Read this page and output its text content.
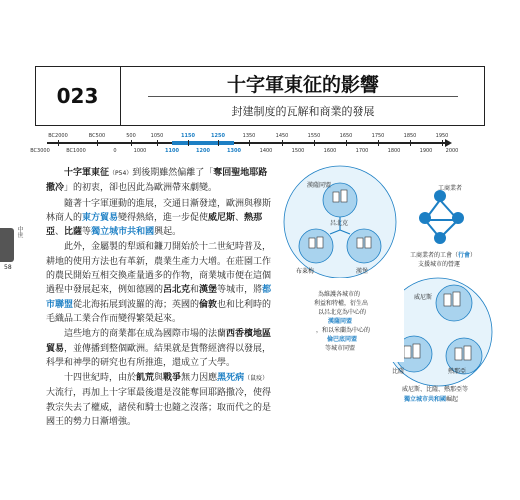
023	十字軍東征的影響
封建制度的瓦解和商業的發展
BC2000	BC500	500	1050	1150	1250	1350	1450	1550	1650	1750	1850	1950
BC3000	BC1000	0	1000	1100	1200	1300	1400	1500	1600	1700	1800	1900	2000
中世
58

十字軍東征（P54）到後期雖然偏離了「奪回聖地耶路撒冷」的初衷，卻也因此為歐洲帶來劇變。

隨著十字軍運動的進展，交通日漸發達，歐洲與穆斯林商人的東方貿易變得熱絡，進一步促使威尼斯、熱那亞、比薩等獨立城市共和國興起。

此外，金屬製的犁頭和鐮刀開始於十二世紀時普及，耕地的使用方法也有革新，農業生產力大增。在莊園工作的農民開始互相交換產量過多的作物，商業城市便在這個過程中發展起來，例如德國的呂北克和漢堡等城市，將都市聯盟從北海拓展到波羅的海；英國的倫敦也和比利時的毛織品工業合作而變得繁榮起來。

這些地方的商業都在成為國際市場的法蘭西香檳地區貿易，並傳播到整個歐洲。結果就是貨幣經濟得以發展，科學和神學的研究也有所推進，還成立了大學。

十四世紀時，由於飢荒與戰爭無力因應黑死病（鼠疫）大流行，再加上十字軍最後還是沒能奪回耶路撒冷，使得教宗失去了權威，諸侯和騎士也隨之沒落；取而代之的是國王的勢力日漸增強。

漢薩同盟
呂北克
布萊梅	漢堡
工商業者
工商業者的工會（行會）
支援城市的營運
為維護各城市的
利益和特權，衍生出
以呂北克為中心的
漢薩同盟
，和以米蘭為中心的
倫巴底同盟
等城市同盟
威尼斯
比薩	熱那亞
威尼斯、比薩、熱那亞等
獨立城市共和國崛起
